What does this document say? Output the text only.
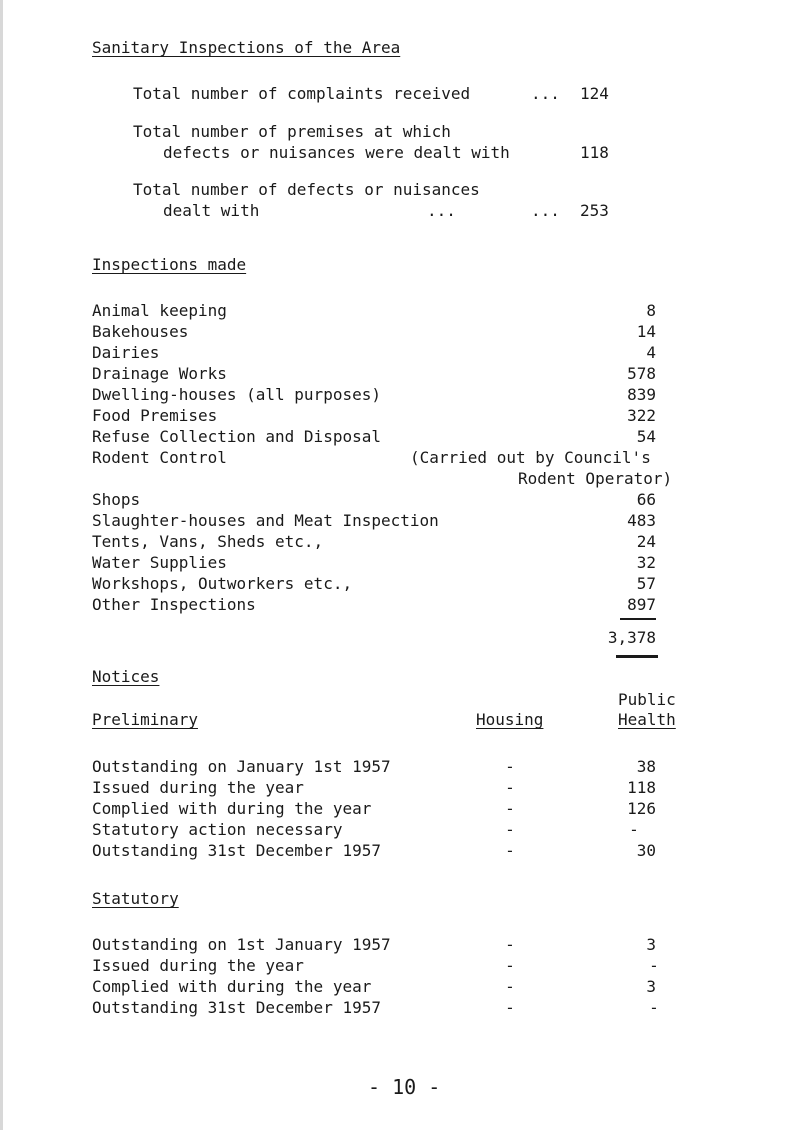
Sanitary Inspections of the Area
Total number of complaints received	... 124
Total number of premises at which
defects or nuisances were dealt with	118
Total number of defects or nuisances
dealt with	...	... 253
Inspections made
Animal keeping	8
Bakehouses	14
Dairies	4
Drainage Works	578
Dwelling-houses (all purposes)	839
Food Premises	322
Refuse Collection and Disposal	54
Rodent Control	(Carried out by Council's
Rodent Operator)
Shops	66
Slaughter-houses and Meat Inspection	483
Tents, Vans, Sheds etc.,	24
Water Supplies	32
Workshops, Outworkers etc.,	57
Other Inspections	897
3,378
Notices
Public
Preliminary	Housing	Health
Outstanding on January 1st 1957	-	38
Issued during the year	-	118
Complied with during the year	-	126
Statutory action necessary	-	-
Outstanding 31st December 1957	-	30
Statutory
Outstanding on 1st January 1957	-	3
Issued during the year	-	-
Complied with during the year	-	3
Outstanding 31st December 1957	-	-
- 10 -
